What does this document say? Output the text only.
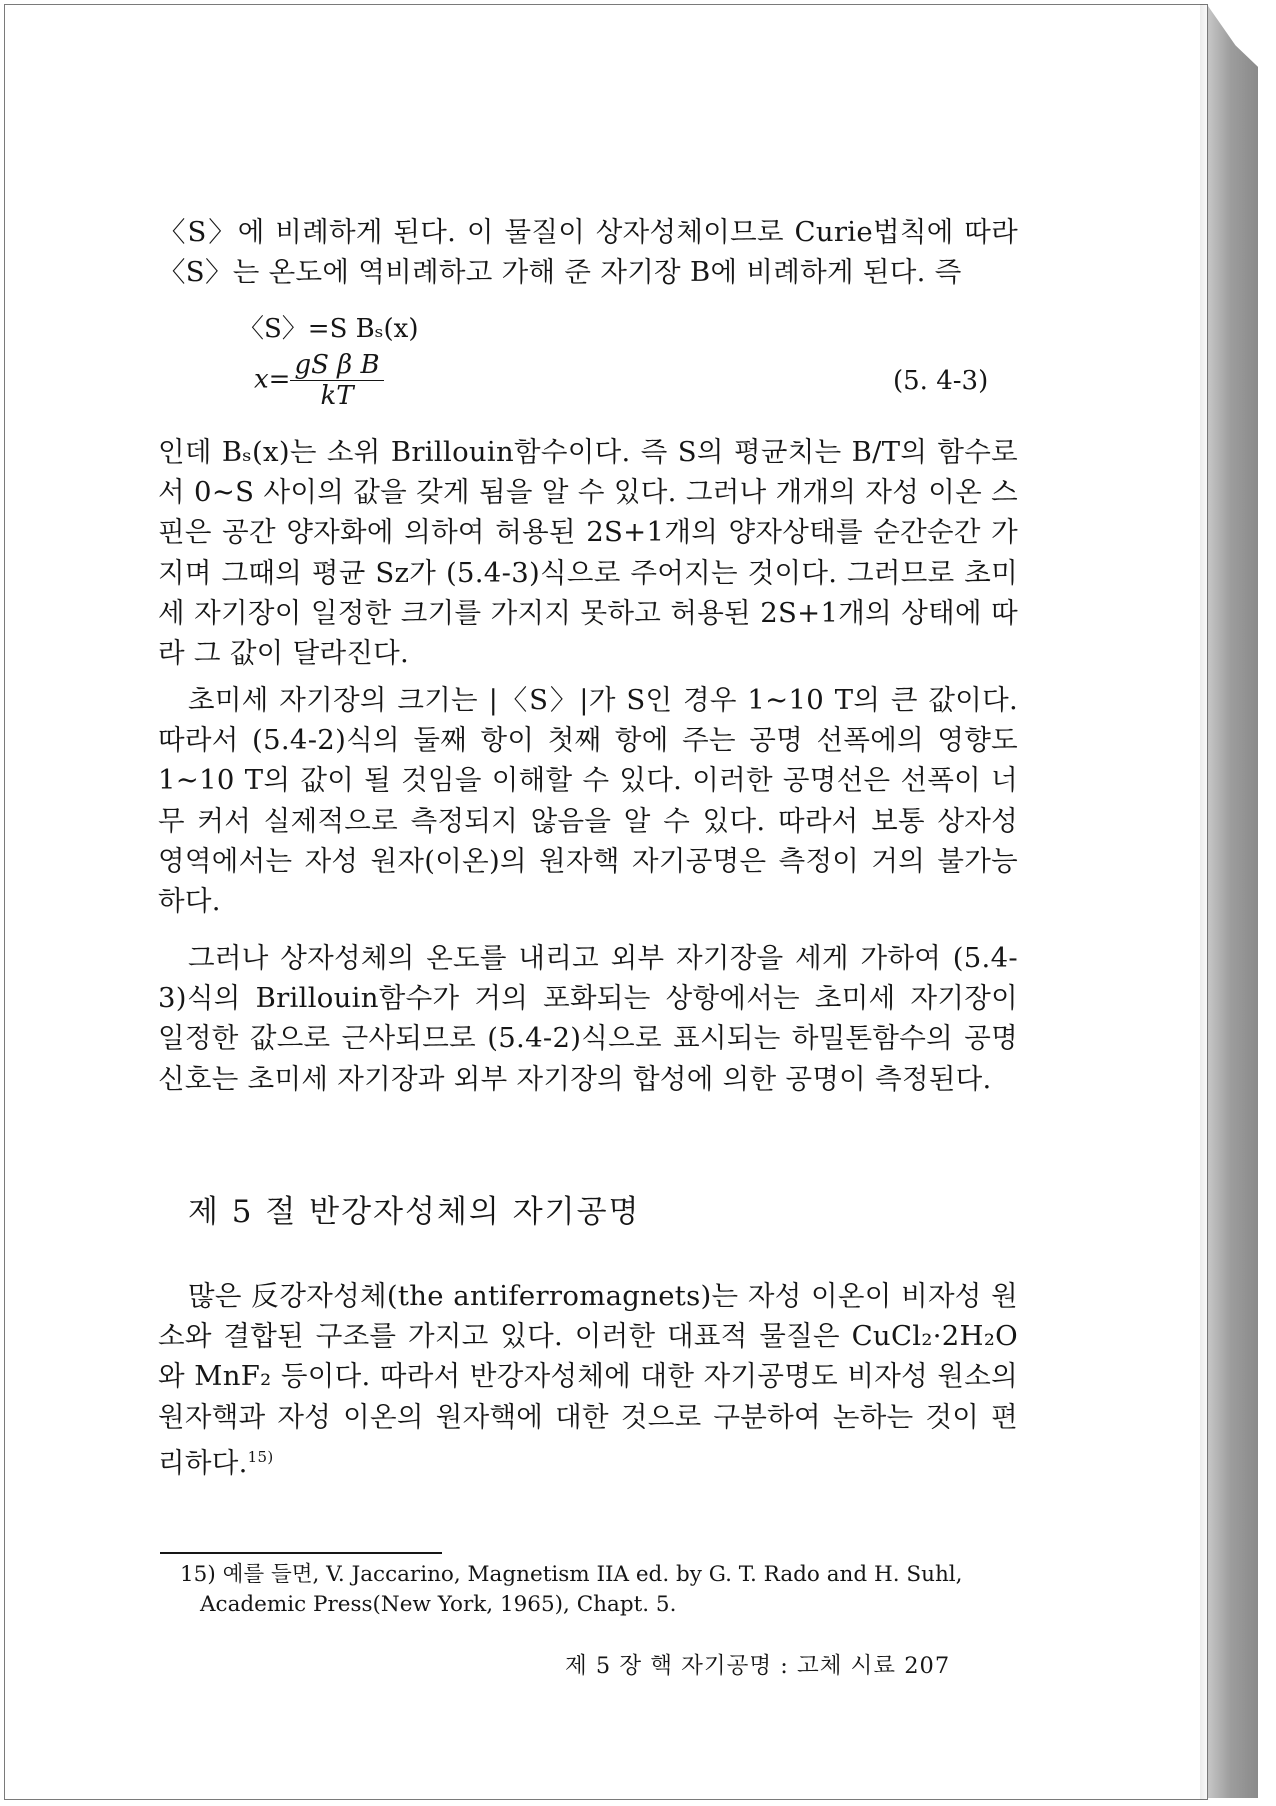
〈S〉에 비례하게 된다. 이 물질이 상자성체이므로 Curie법칙에 따라 〈S〉는 온도에 역비례하고 가해 준 자기장 B에 비례하게 된다. 즉

〈S〉=S Bₛ(x)
$x= \frac{\text{gS β B}}{kT}$	(5. 4-3)

인데 Bₛ(x)는 소위 Brillouin함수이다. 즉 S의 평균치는 B/T의 함수로서 0∼S 사이의 값을 갖게 됨을 알 수 있다. 그러나 개개의 자성 이온 스핀은 공간 양자화에 의하여 허용된 2S+1개의 양자상태를 순간순간 가지며 그때의 평균 Sz가 (5.4-3)식으로 주어지는 것이다. 그러므로 초미세 자기장이 일정한 크기를 가지지 못하고 허용된 2S+1개의 상태에 따라 그 값이 달라진다.

초미세 자기장의 크기는 |〈S〉|가 S인 경우 1∼10 T의 큰 값이다. 따라서 (5.4-2)식의 둘째 항이 첫째 항에 주는 공명 선폭에의 영향도 1∼10 T의 값이 될 것임을 이해할 수 있다. 이러한 공명선은 선폭이 너무 커서 실제적으로 측정되지 않음을 알 수 있다. 따라서 보통 상자성 영역에서는 자성 원자(이온)의 원자핵 자기공명은 측정이 거의 불가능하다.

그러나 상자성체의 온도를 내리고 외부 자기장을 세게 가하여 (5.4-3)식의 Brillouin함수가 거의 포화되는 상항에서는 초미세 자기장이 일정한 값으로 근사되므로 (5.4-2)식으로 표시되는 하밀톤함수의 공명신호는 초미세 자기장과 외부 자기장의 합성에 의한 공명이 측정된다.

제 5 절 반강자성체의 자기공명

많은 反강자성체(the antiferromagnets)는 자성 이온이 비자성 원소와 결합된 구조를 가지고 있다. 이러한 대표적 물질은 CuCl₂·2H₂O와 MnF₂ 등이다. 따라서 반강자성체에 대한 자기공명도 비자성 원소의 원자핵과 자성 이온의 원자핵에 대한 것으로 구분하여 논하는 것이 편리하다.$^{15)}$

15) 예를 들면, V. Jaccarino, Magnetism IIA ed. by G. T. Rado and H. Suhl,
Academic Press(New York, 1965), Chapt. 5.

제 5 장 핵 자기공명 : 고체 시료 207
